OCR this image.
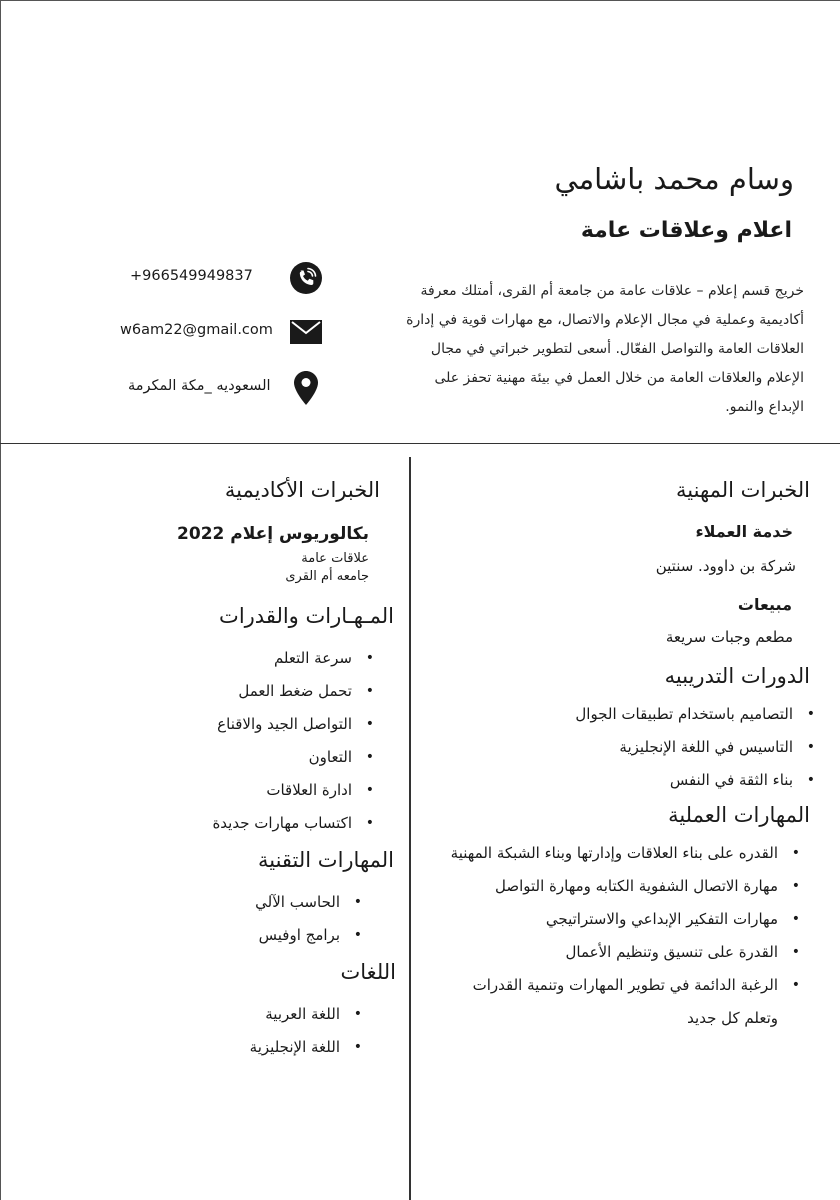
وسام محمد باشامي
اعلام وعلاقات عامة

خريج قسم إعلام – علاقات عامة من جامعة أم القرى، أمتلك معرفة أكاديمية وعملية في مجال الإعلام والاتصال، مع مهارات قوية في إدارة العلاقات العامة والتواصل الفعّال. أسعى لتطوير خبراتي في مجال الإعلام والعلاقات العامة من خلال العمل في بيئة مهنية تحفز على الإبداع والنمو.

+966549949837
w6am22@gmail.com
السعوديه _مكة المكرمة
الخبرات المهنية
خدمة العملاء
شركة بن داوود. سنتين
مبيعات
مطعم وجبات سريعة
الدورات التدريبيه
• التصاميم باستخدام تطبيقات الجوال
• التاسيس في اللغة الإنجليزية
• بناء الثقة في النفس
المهارات العملية
• القدره على بناء العلاقات وإدارتها وبناء الشبكة المهنية
• مهارة الاتصال الشفوية الكتابه ومهارة التواصل
• مهارات التفكير الإبداعي والاستراتيجي
• القدرة على تنسيق وتنظيم الأعمال
• الرغبة الدائمة في تطوير المهارات وتنمية القدرات وتعلم كل جديد
الخبرات الأكاديمية
بكالوريوس إعلام 2022
علاقات عامة
جامعه أم القرى
المـهـارات والقدرات
• سرعة التعلم
• تحمل ضغط العمل
• التواصل الجيد والاقناع
• التعاون
• ادارة العلاقات
• اكتساب مهارات جديدة
المهارات التقنية
• الحاسب الآلي
• برامج اوفيس
اللغات
• اللغة العربية
• اللغة الإنجليزية
